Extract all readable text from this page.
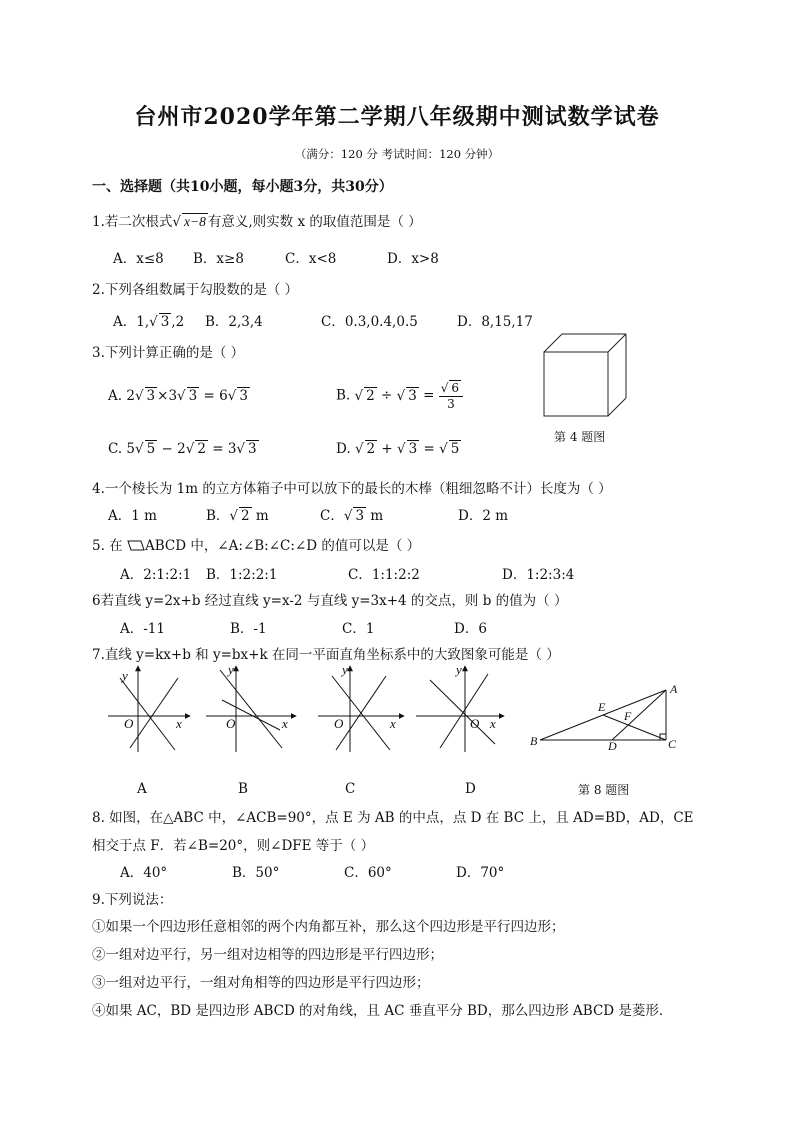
台州市2020学年第二学期八年级期中测试数学试卷
（满分：120 分 考试时间：120 分钟）
一、选择题（共10小题，每小题3分，共30分）
1.若二次根式 √ x−8 有意义,则实数 x 的取值范围是（ ）
A．x≤8 B．x≥8	C．x<8	D．x>8
2.下列各组数属于勾股数的是（ ）
A．1, √ 3 ,2 B．2,3,4	C．0.3,0.4,0.5	D．8,15,17
3.下列计算正确的是（ ）
A. 2 √ 3 ×3 √ 3 = 6 √ 3	B. √ 2 ÷ √ 3 = √ $\frac{6}{3}$
C. 5 √ 5 − 2 √ 2 = 3 √ 3	D. √ 2 + √ 3 = √ 5
第 4 题图
4.一个棱长为 1m 的立方体箱子中可以放下的最长的木棒（粗细忽略不计）长度为（ ）
A．1 m	B． √ 2 m	C． √ 3 m	D．2 m
5. 在 ABCD 中，∠A:∠B:∠C:∠D 的值可以是（ ）
A．2:1:2:1 B．1:2:2:1	C．1:1:2:2	D．1:2:3:4
6若直线 y=2x+b 经过直线 y=x-2 与直线 y=3x+4 的交点，则 b 的值为（ ）
A．-11	B．-1	C．1	D．6
7.直线 y=kx+b 和 y=bx+k 在同一平面直角坐标系中的大致图象可能是（ ）
y
O	x
y
O	x
y
O	x
y
O x
A	B	C	D
A
B	C
D
E
F
第 8 题图
8. 如图，在△ABC 中，∠ACB=90°，点 E 为 AB 的中点，点 D 在 BC 上，且 AD=BD，AD，CE
相交于点 F．若∠B=20°，则∠DFE 等于（ ）
A．40°	B．50°	C．60°	D．70°
9.下列说法：
①如果一个四边形任意相邻的两个内角都互补，那么这个四边形是平行四边形；
②一组对边平行，另一组对边相等的四边形是平行四边形；
③一组对边平行，一组对角相等的四边形是平行四边形；
④如果 AC，BD 是四边形 ABCD 的对角线，且 AC 垂直平分 BD，那么四边形 ABCD 是菱形．
